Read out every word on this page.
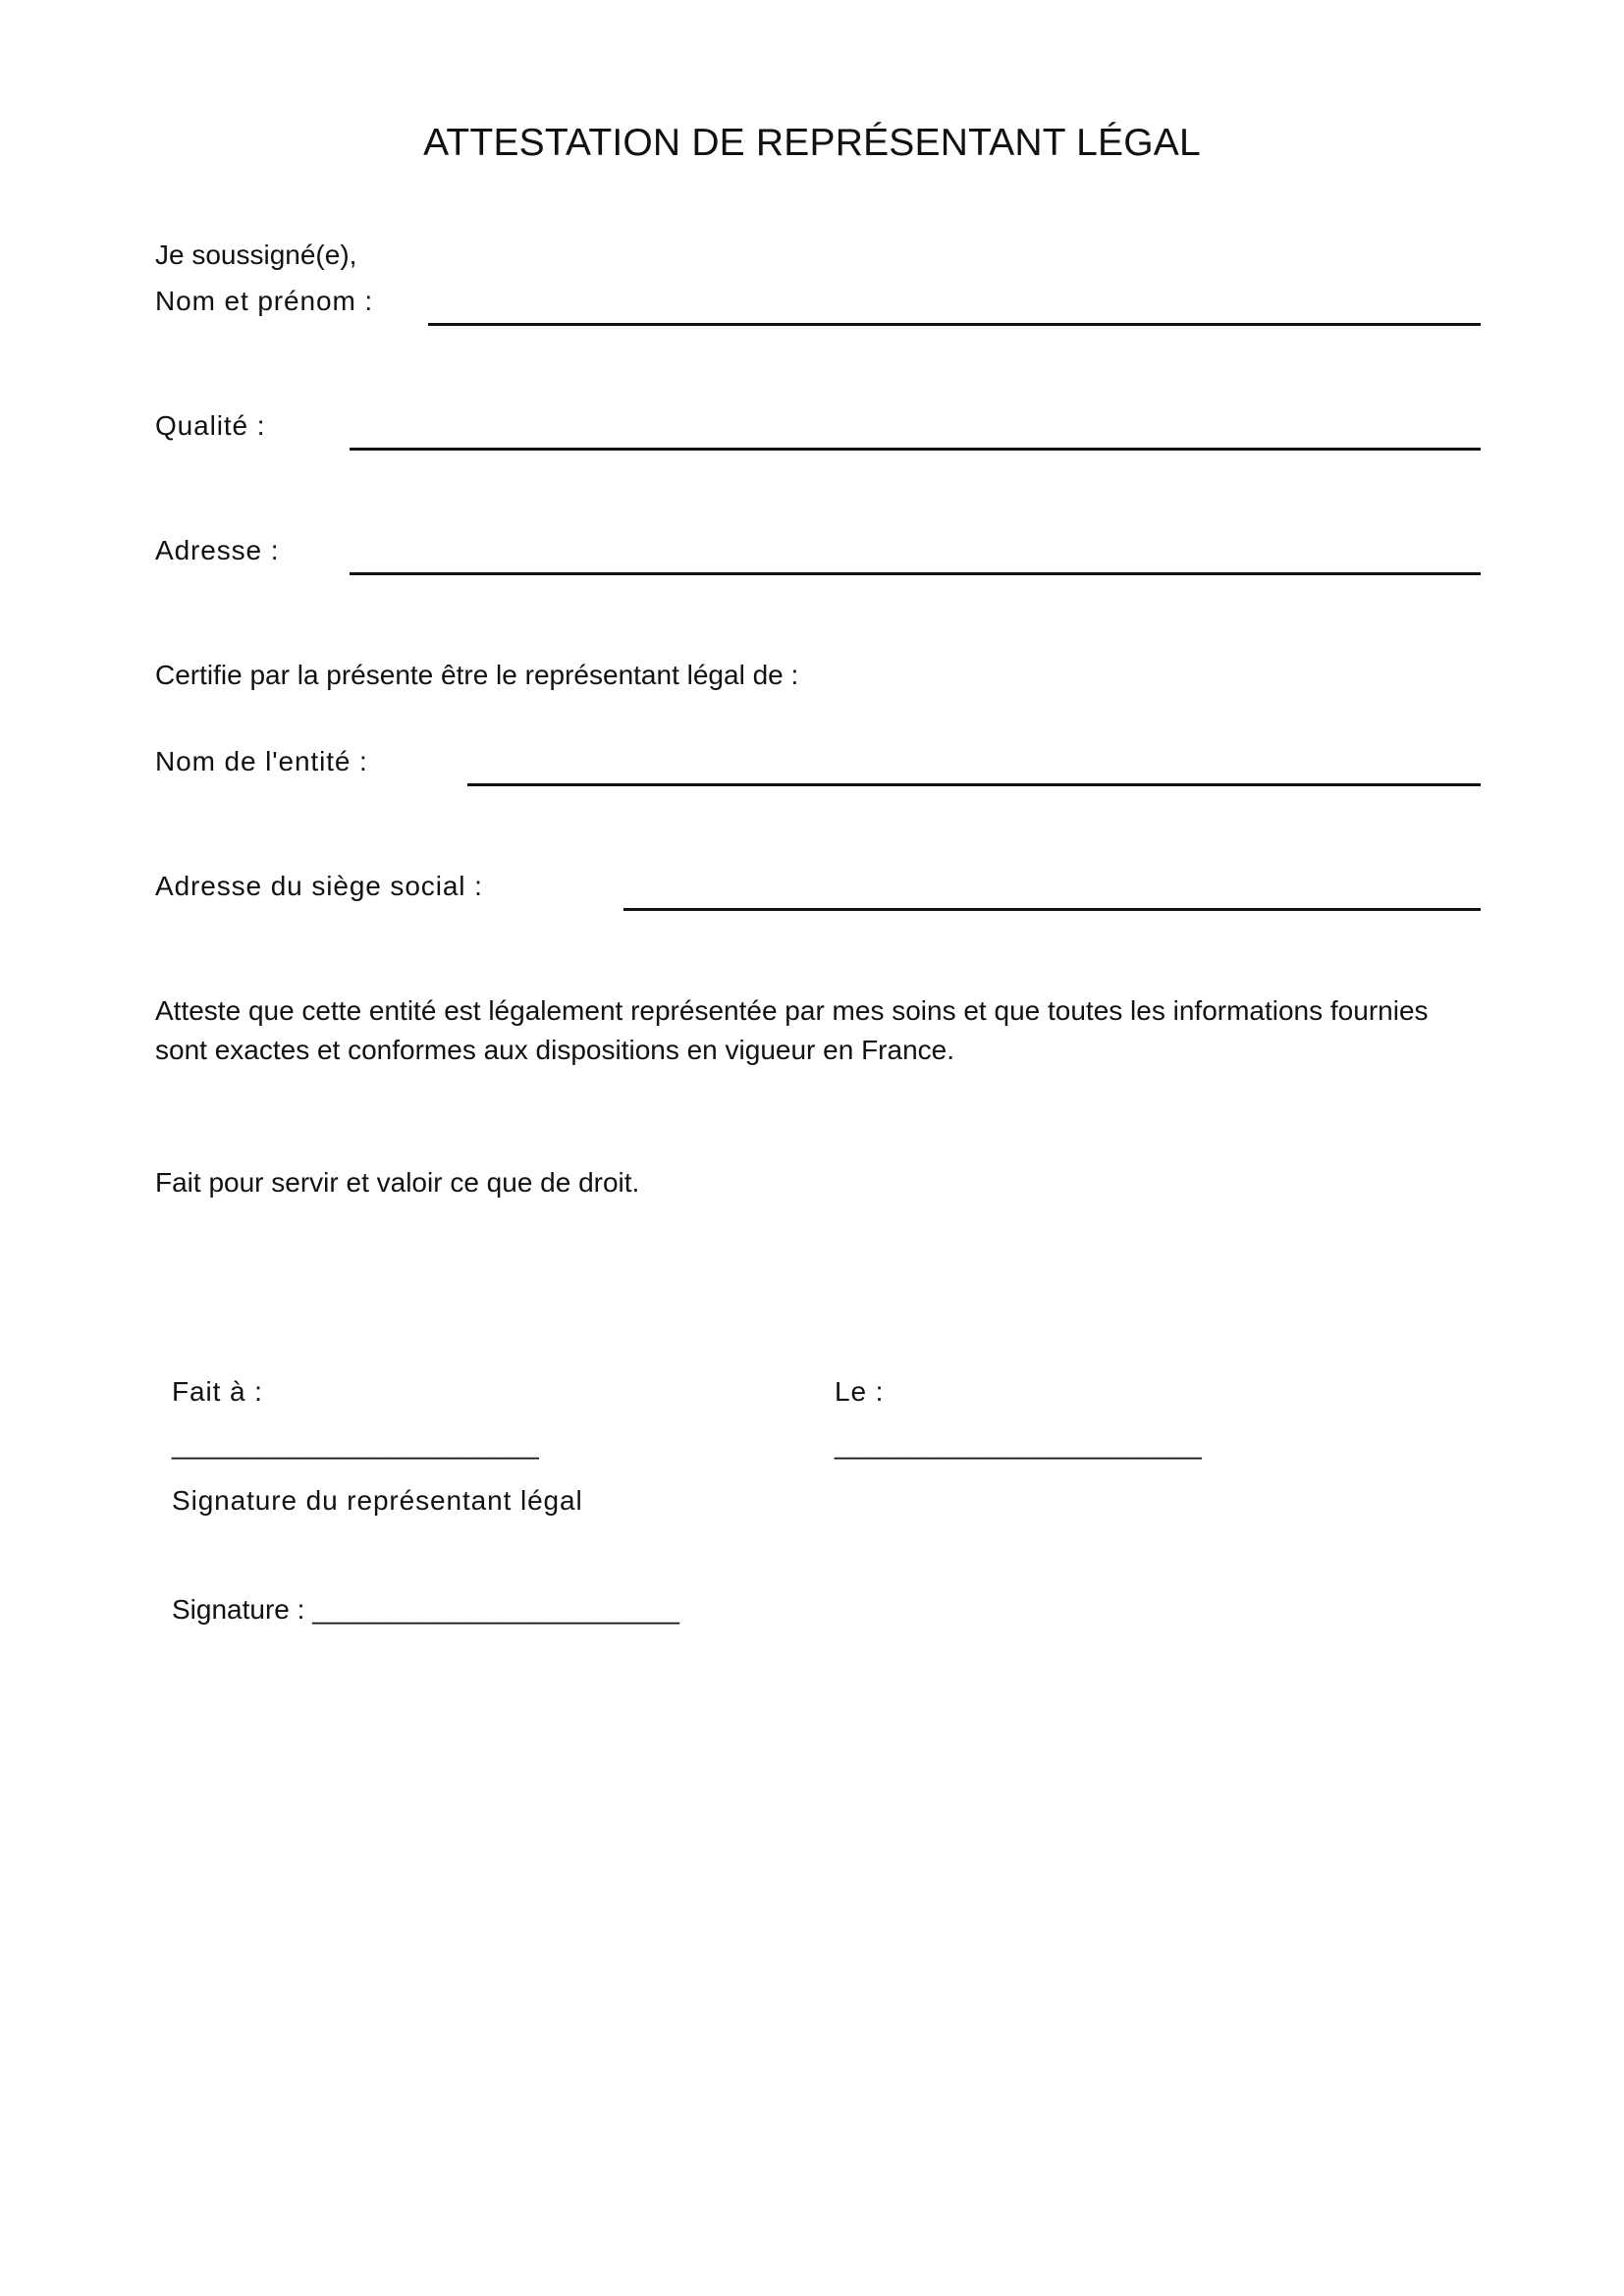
ATTESTATION DE REPRÉSENTANT LÉGAL
Je soussigné(e),
Nom et prénom :
Qualité :
Adresse :
Certifie par la présente être le représentant légal de :
Nom de l'entité :
Adresse du siège social :
Atteste que cette entité est légalement représentée par mes soins et que toutes les informations fournies sont exactes et conformes aux dispositions en vigueur en France.
Fait pour servir et valoir ce que de droit.
Fait à :	Le :
________________________	________________________
Signature du représentant légal
Signature : ________________________
